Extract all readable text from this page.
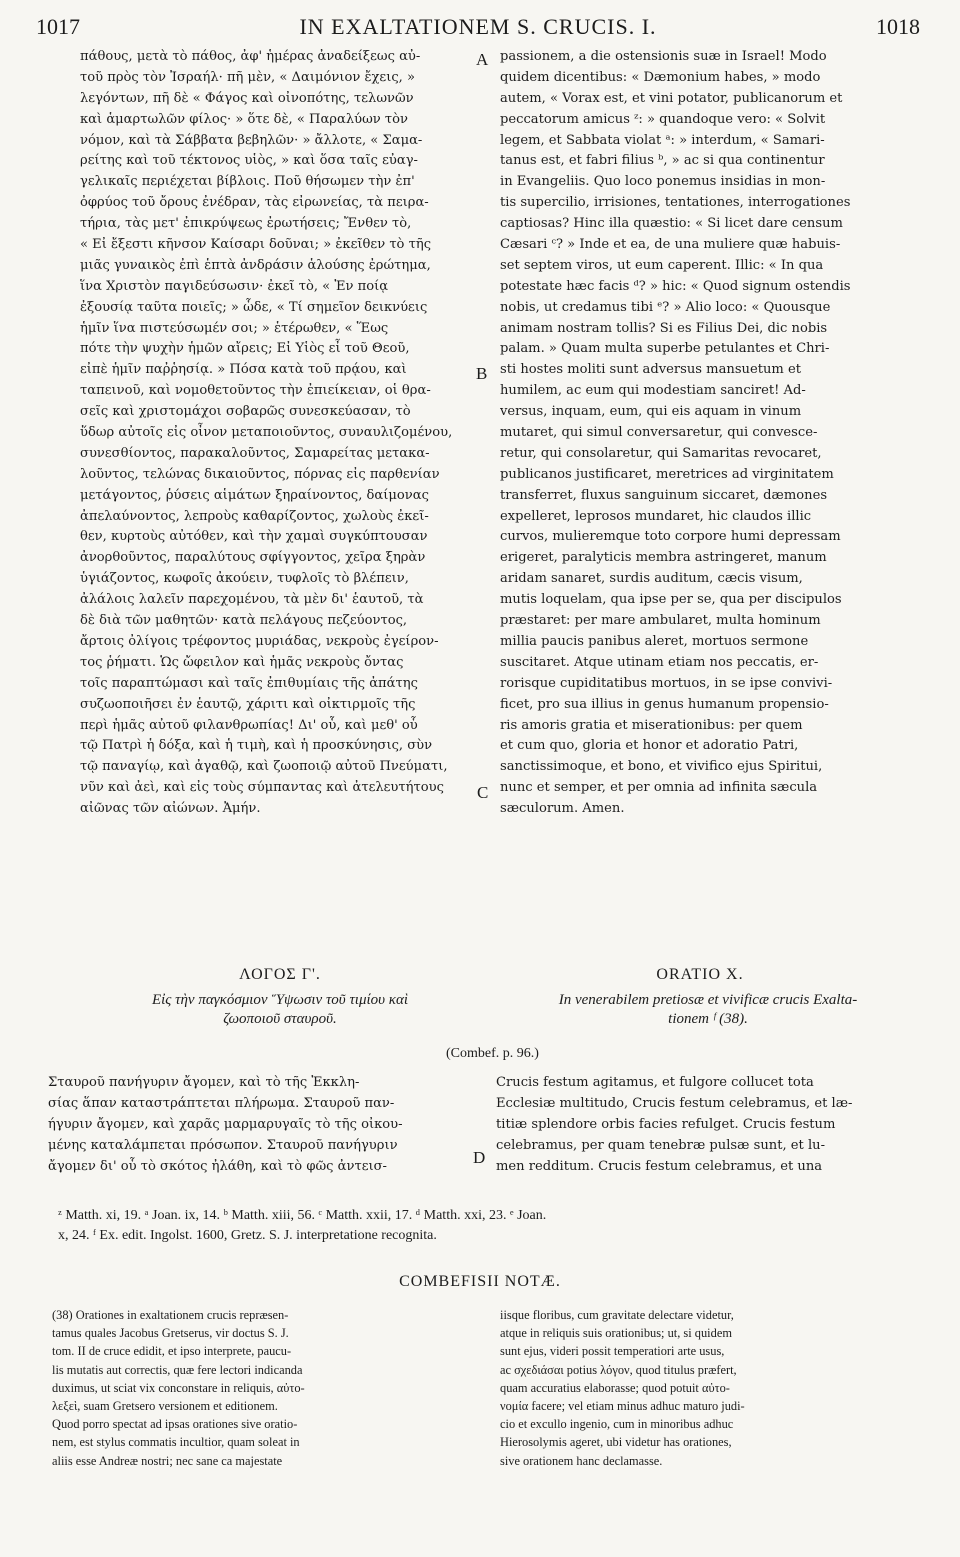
1017	IN EXALTATIONEM S. CRUCIS. I.	1018
πάθους, μετὰ τὸ πάθος, ἀφ' ἡμέρας ἀναδείξεως αὐ-
τοῦ πρὸς τὸν Ἰσραήλ· πῆ μὲν, « Δαιμόνιον ἔχεις, »
λεγόντων, πῆ δὲ « Φάγος καὶ οἰνοπότης, τελωνῶν
καὶ ἁμαρτωλῶν φίλος· » ὅτε δὲ, « Παραλύων τὸν
νόμον, καὶ τὰ Σάββατα βεβηλῶν· » ἄλλοτε, « Σαμα-
ρείτης καὶ τοῦ τέκτονος υἱὸς, » καὶ ὅσα ταῖς εὐαγ-
γελικαῖς περιέχεται βίβλοις. Ποῦ θήσωμεν τὴν ἐπ'
ὀφρύος τοῦ ὄρους ἐνέδραν, τὰς εἰρωνείας, τὰ πειρα-
τήρια, τὰς μετ' ἐπικρύψεως ἐρωτήσεις; Ἔνθεν τὸ,
« Εἰ ἔξεστι κῆνσον Καίσαρι δοῦναι; » ἐκεῖθεν τὸ τῆς
μιᾶς γυναικὸς ἐπὶ ἑπτὰ ἀνδράσιν ἁλούσης ἐρώτημα,
ἵνα Χριστὸν παγιδεύσωσιν· ἐκεῖ τὸ, « Ἐν ποίᾳ
ἐξουσίᾳ ταῦτα ποιεῖς; » ὧδε, « Τί σημεῖον δεικνύεις
ἡμῖν ἵνα πιστεύσωμέν σοι; » ἑτέρωθεν, « Ἕως
πότε τὴν ψυχὴν ἡμῶν αἴρεις; Εἰ Υἱὸς εἶ τοῦ Θεοῦ,
εἰπὲ ἡμῖν παῤῥησίᾳ. » Πόσα κατὰ τοῦ πρᾴου, καὶ
ταπεινοῦ, καὶ νομοθετοῦντος τὴν ἐπιείκειαν, οἱ θρα-
σεῖς καὶ χριστομάχοι σοβαρῶς συνεσκεύασαν, τὸ
ὕδωρ αὐτοῖς εἰς οἶνον μεταποιοῦντος, συναυλιζομένου,
συνεσθίοντος, παρακαλοῦντος, Σαμαρείτας μετακα-
λοῦντος, τελώνας δικαιοῦντος, πόρνας εἰς παρθενίαν
μετάγοντος, ῥύσεις αἱμάτων ξηραίνοντος, δαίμονας
ἀπελαύνοντος, λεπροὺς καθαρίζοντος, χωλοὺς ἐκεῖ-
θεν, κυρτοὺς αὐτόθεν, καὶ τὴν χαμαὶ συγκύπτουσαν
ἀνορθοῦντος, παραλύτους σφίγγοντος, χεῖρα ξηρὰν
ὑγιάζοντος, κωφοῖς ἀκούειν, τυφλοῖς τὸ βλέπειν,
ἀλάλοις λαλεῖν παρεχομένου, τὰ μὲν δι' ἑαυτοῦ, τὰ
δὲ διὰ τῶν μαθητῶν· κατὰ πελάγους πεζεύοντος,
ἄρτοις ὀλίγοις τρέφοντος μυριάδας, νεκροὺς ἐγείρον-
τος ῥήματι. Ὡς ὤφειλον καὶ ἡμᾶς νεκροὺς ὄντας
τοῖς παραπτώμασι καὶ ταῖς ἐπιθυμίαις τῆς ἀπάτης
συζωοποιῆσει ἐν ἑαυτῷ, χάριτι καὶ οἰκτιρμοῖς τῆς
περὶ ἡμᾶς αὐτοῦ φιλανθρωπίας! Δι' οὗ, καὶ μεθ' οὗ
τῷ Πατρὶ ἡ δόξα, καὶ ἡ τιμὴ, καὶ ἡ προσκύνησις, σὺν
τῷ παναγίῳ, καὶ ἀγαθῷ, καὶ ζωοποιῷ αὐτοῦ Πνεύματι,
νῦν καὶ ἀεὶ, καὶ εἰς τοὺς σύμπαντας καὶ ἀτελευτήτους
αἰῶνας τῶν αἰώνων. Ἀμήν.
passionem, a die ostensionis suæ in Israel! Modo
quidem dicentibus: « Dæmonium habes, » modo
autem, « Vorax est, et vini potator, publicanorum et
peccatorum amicus ᶻ: » quandoque vero: « Solvit
legem, et Sabbata violat ᵃ: » interdum, « Samari-
tanus est, et fabri filius ᵇ, » ac si qua continentur
in Evangeliis. Quo loco ponemus insidias in mon-
tis supercilio, irrisiones, tentationes, interrogationes
captiosas? Hinc illa quæstio: « Si licet dare censum
Cæsari ᶜ? » Inde et ea, de una muliere quæ habuis-
set septem viros, ut eum caperent. Illic: « In qua
potestate hæc facis ᵈ? » hic: « Quod signum ostendis
nobis, ut credamus tibi ᵉ? » Alio loco: « Quousque
animam nostram tollis? Si es Filius Dei, dic nobis
palam. » Quam multa superbe petulantes et Chri-
sti hostes moliti sunt adversus mansuetum et
humilem, ac eum qui modestiam sanciret! Ad-
versus, inquam, eum, qui eis aquam in vinum
mutaret, qui simul conversaretur, qui convesce-
retur, qui consolaretur, qui Samaritas revocaret,
publicanos justificaret, meretrices ad virginitatem
transferret, fluxus sanguinum siccaret, dæmones
expelleret, leprosos mundaret, hic claudos illic
curvos, mulieremque toto corpore humi depressam
erigeret, paralyticis membra astringeret, manum
aridam sanaret, surdis auditum, cæcis visum,
mutis loquelam, qua ipse per se, qua per discipulos
præstaret: per mare ambularet, multa hominum
millia paucis panibus aleret, mortuos sermone
suscitaret. Atque utinam etiam nos peccatis, er-
rorisque cupiditatibus mortuos, in se ipse convivi-
ficet, pro sua illius in genus humanum propensio-
ris amoris gratia et miserationibus: per quem
et cum quo, gloria et honor et adoratio Patri,
sanctissimoque, et bono, et vivifico ejus Spiritui,
nunc et semper, et per omnia ad infinita sæcula
sæculorum. Amen.
A
B
C
D
ΛΟΓΟΣ Γ'.
Εἰς τὴν παγκόσμιον Ὕψωσιν τοῦ τιμίου καὶ
ζωοποιοῦ σταυροῦ.
ORATIO X.
In venerabilem pretiosæ et vivificæ crucis Exalta-
tionem ᶠ (38).
(Combef. p. 96.)
Σταυροῦ πανήγυριν ἄγομεν, καὶ τὸ τῆς Ἐκκλη-
σίας ἅπαν καταστράπτεται πλήρωμα. Σταυροῦ παν-
ήγυριν ἄγομεν, καὶ χαρᾶς μαρμαρυγαῖς τὸ τῆς οἰκου-
μένης καταλάμπεται πρόσωπον. Σταυροῦ πανήγυριν
ἄγομεν δι' οὗ τὸ σκότος ἠλάθη, καὶ τὸ φῶς ἀντεισ-
Crucis festum agitamus, et fulgore collucet tota
Ecclesiæ multitudo, Crucis festum celebramus, et læ-
titiæ splendore orbis facies refulget. Crucis festum
celebramus, per quam tenebræ pulsæ sunt, et lu-
men redditum. Crucis festum celebramus, et una
ᶻ Matth. xi, 19. ᵃ Joan. ix, 14. ᵇ Matth. xiii, 56. ᶜ Matth. xxii, 17. ᵈ Matth. xxi, 23. ᵉ Joan.
x, 24. ᶠ Ex. edit. Ingolst. 1600, Gretz. S. J. interpretatione recognita.
COMBEFISII NOTÆ.
(38) Orationes in exaltationem crucis repræsen-
tamus quales Jacobus Gretserus, vir doctus S. J.
tom. II de cruce edidit, et ipso interprete, paucu-
lis mutatis aut correctis, quæ fere lectori indicanda
duximus, ut sciat vix conconstare in reliquis, αὐτο-
λεξεὶ, suam Gretsero versionem et editionem.
Quod porro spectat ad ipsas orationes sive oratio-
nem, est stylus commatis incultior, quam soleat in
aliis esse Andreæ nostri; nec sane ca majestate
iisque floribus, cum gravitate delectare videtur,
atque in reliquis suis orationibus; ut, si quidem
sunt ejus, videri possit temperatiori arte usus,
ac σχεδιάσαι potius λόγον, quod titulus præfert,
quam accuratius elaborasse; quod potuit αὐτο-
νομία facere; vel etiam minus adhuc maturo judi-
cio et excullo ingenio, cum in minoribus adhuc
Hierosolymis ageret, ubi videtur has orationes,
sive orationem hanc declamasse.
